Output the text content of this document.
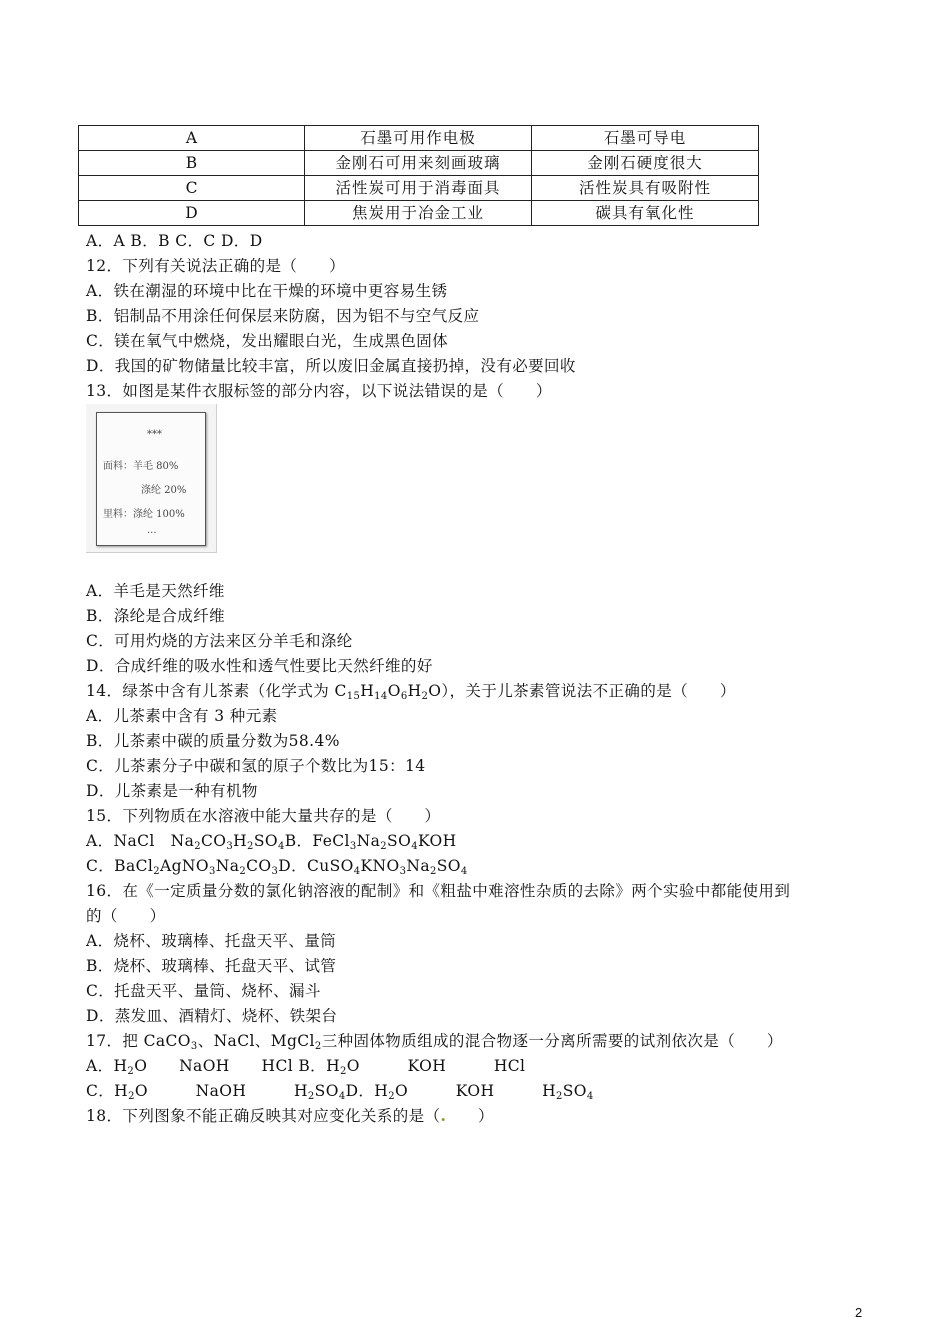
A	石墨可用作电极	石墨可导电
B	金刚石可用来刻画玻璃	金刚石硬度很大
C	活性炭可用于消毒面具	活性炭具有吸附性
D	焦炭用于冶金工业	碳具有氧化性
A．A B．B C．C D．D
12．下列有关说法正确的是（　　）
A．铁在潮湿的环境中比在干燥的环境中更容易生锈
B．铝制品不用涂任何保层来防腐，因为铝不与空气反应
C．镁在氧气中燃烧，发出耀眼白光，生成黑色固体
D．我国的矿物储量比较丰富，所以废旧金属直接扔掉，没有必要回收
13．如图是某件衣服标签的部分内容，以下说法错误的是（　　）
***
面料：羊毛 80%
涤纶 20%
里料：涤纶 100%
...
A．羊毛是天然纤维
B．涤纶是合成纤维
C．可用灼烧的方法来区分羊毛和涤纶
D．合成纤维的吸水性和透气性要比天然纤维的好
14．绿茶中含有儿茶素（化学式为 $C_{15}H_{14}O_6H_2O$），关于儿茶素管说法不正确的是（　　）
A．儿茶素中含有 3 种元素
B．儿茶素中碳的质量分数为58.4%
C．儿茶素分子中碳和氢的原子个数比为15：14
D．儿茶素是一种有机物
15．下列物质在水溶液中能大量共存的是（　　）
A．NaCl　$Na_2CO_3H_2SO_4B$．$FeCl_3Na_2SO_4KOH$
C．$BaCl_2AgNO_3Na_2CO_3D$．$CuSO_4KNO_3Na_2SO_4$
16．在《一定质量分数的氯化钠溶液的配制》和《粗盐中难溶性杂质的去除》两个实验中都能使用到
的（　　）
A．烧杯、玻璃棒、托盘天平、量筒
B．烧杯、玻璃棒、托盘天平、试管
C．托盘天平、量筒、烧杯、漏斗
D．蒸发皿、酒精灯、烧杯、铁架台
17．把 CaCO$_3$、NaCl、MgCl$_2$三种固体物质组成的混合物逐一分离所需要的试剂依次是（　　）
A．$H_2O$　　NaOH　　HCl B．$H_2O$　　　KOH　　　HCl
C．$H_2O$　　　NaOH　　　$H_2SO_4D$．$H_2O$　　　KOH　　　$H_2SO_4$
18．下列图象不能正确反映其对应变化关系的是（.　　）
2
